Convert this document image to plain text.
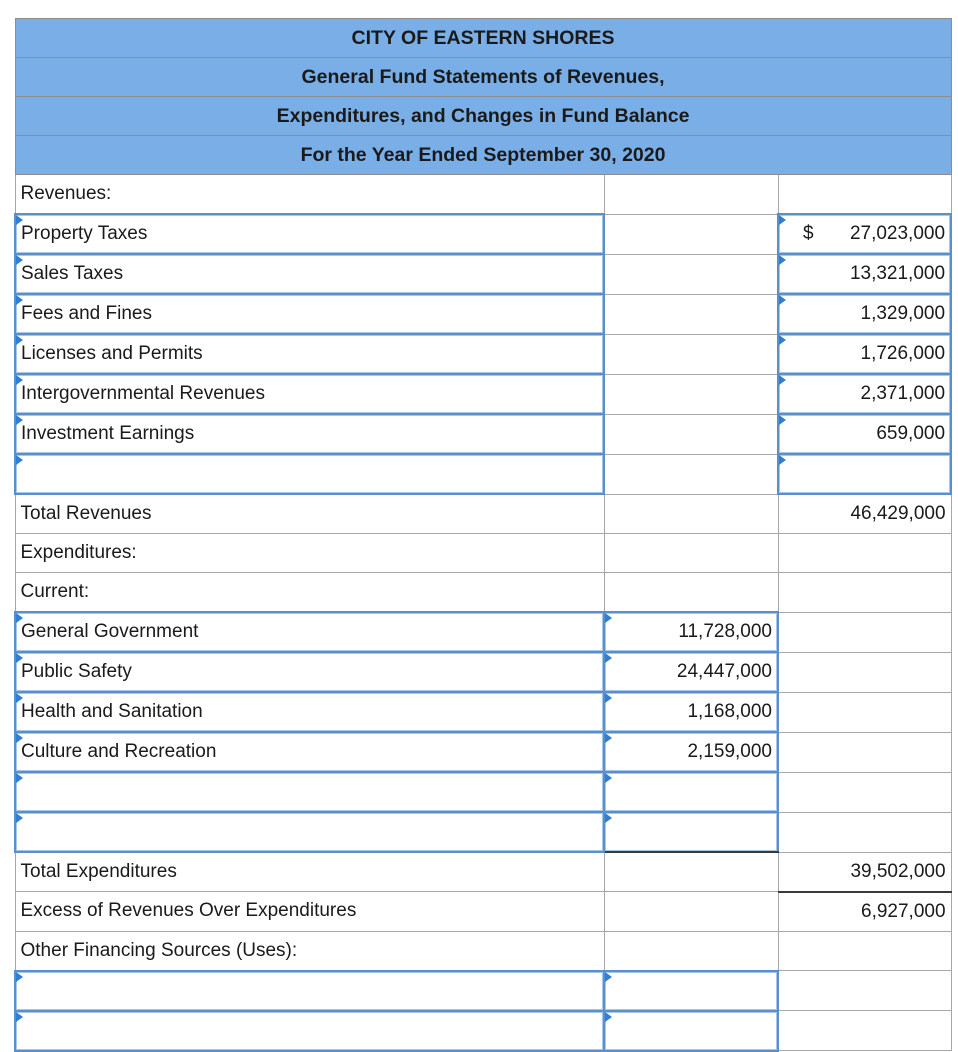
CITY OF EASTERN SHORES		
General Fund Statements of Revenues,		
Expenditures, and Changes in Fund Balance		
For the Year Ended September 30, 2020		
Revenues:		
Property Taxes		$ 27,023,000

Sales Taxes		13,321,000
Fees and Fines		1,329,000
Licenses and Permits		1,726,000
Intergovernmental Revenues		2,371,000
Investment Earnings		659,000

Total Revenues		46,429,000
Expenditures:		
Current:		
General Government	11,728,000	
Public Safety	24,447,000	
Health and Sanitation	1,168,000	
Culture and Recreation	2,159,000	

Total Expenditures		39,502,000
Excess of Revenues Over Expenditures		6,927,000
Other Financing Sources (Uses):		
